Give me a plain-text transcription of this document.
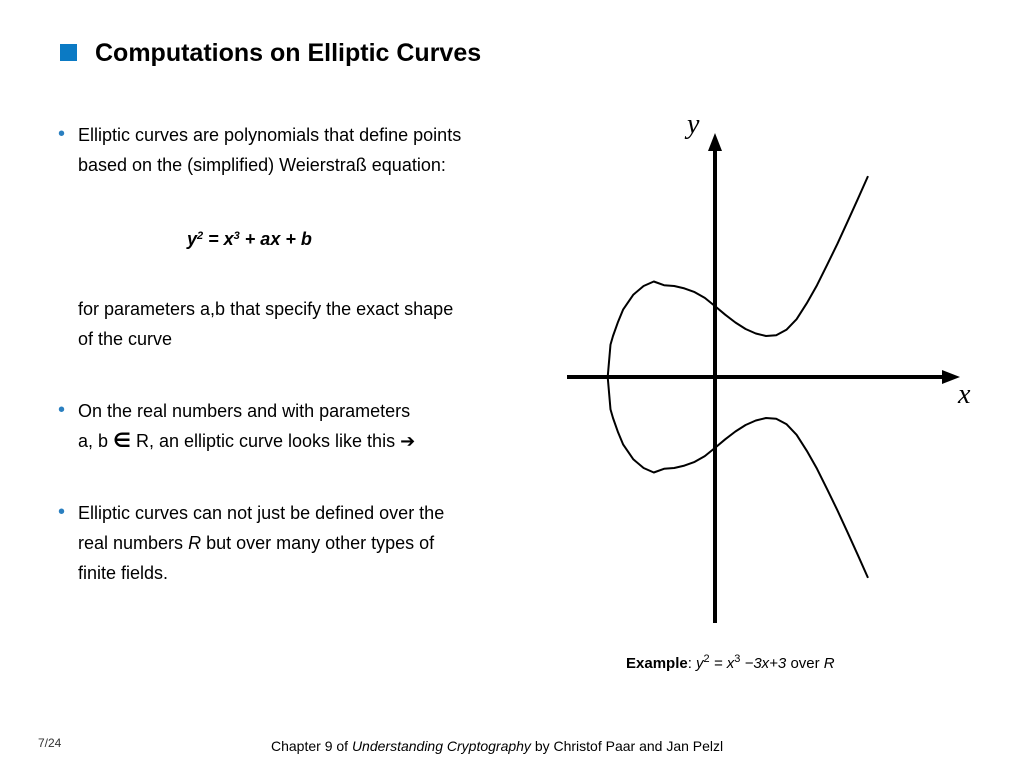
Computations on Elliptic Curves
• Elliptic curves are polynomials that define points
based on the (simplified) Weierstraß equation:
$y^2 = x^3$ + ax + b
for parameters a,b that specify the exact shape
of the curve
• On the real numbers and with parameters
a, b ∈ R, an elliptic curve looks like this ➔
• Elliptic curves can not just be defined over the
real numbers R but over many other types of
finite fields.
x
y
Example: $y^2 = x^3 -3x+3$ over R
7/24	Chapter 9 of Understanding Cryptography by Christof Paar and Jan Pelzl
